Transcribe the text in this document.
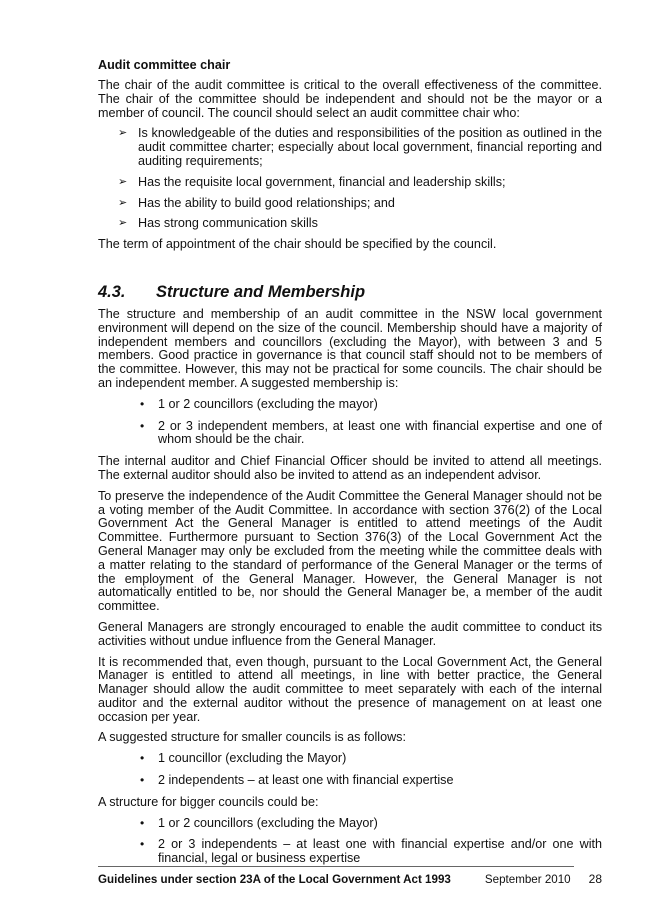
Audit committee chair

The chair of the audit committee is critical to the overall effectiveness of the committee. The chair of the committee should be independent and should not be the mayor or a member of council. The council should select an audit committee chair who:

➢ Is knowledgeable of the duties and responsibilities of the position as outlined in the audit committee charter; especially about local government, financial reporting and auditing requirements;
➢ Has the requisite local government, financial and leadership skills;
➢ Has the ability to build good relationships; and
➢ Has strong communication skills

The term of appointment of the chair should be specified by the council.

4.3.	Structure and Membership

The structure and membership of an audit committee in the NSW local government environment will depend on the size of the council. Membership should have a majority of independent members and councillors (excluding the Mayor), with between 3 and 5 members. Good practice in governance is that council staff should not to be members of the committee. However, this may not be practical for some councils. The chair should be an independent member. A suggested membership is:

• 1 or 2 councillors (excluding the mayor)
• 2 or 3 independent members, at least one with financial expertise and one of whom should be the chair.

The internal auditor and Chief Financial Officer should be invited to attend all meetings. The external auditor should also be invited to attend as an independent advisor.

To preserve the independence of the Audit Committee the General Manager should not be a voting member of the Audit Committee. In accordance with section 376(2) of the Local Government Act the General Manager is entitled to attend meetings of the Audit Committee. Furthermore pursuant to Section 376(3) of the Local Government Act the General Manager may only be excluded from the meeting while the committee deals with a matter relating to the standard of performance of the General Manager or the terms of the employment of the General Manager. However, the General Manager is not automatically entitled to be, nor should the General Manager be, a member of the audit committee.

General Managers are strongly encouraged to enable the audit committee to conduct its activities without undue influence from the General Manager.

It is recommended that, even though, pursuant to the Local Government Act, the General Manager is entitled to attend all meetings, in line with better practice, the General Manager should allow the audit committee to meet separately with each of the internal auditor and the external auditor without the presence of management on at least one occasion per year.

A suggested structure for smaller councils is as follows:

• 1 councillor (excluding the Mayor)
• 2 independents – at least one with financial expertise

A structure for bigger councils could be:

• 1 or 2 councillors (excluding the Mayor)
• 2 or 3 independents – at least one with financial expertise and/or one with financial, legal or business expertise
Guidelines under section 23A of the Local Government Act 1993	September 2010 28
